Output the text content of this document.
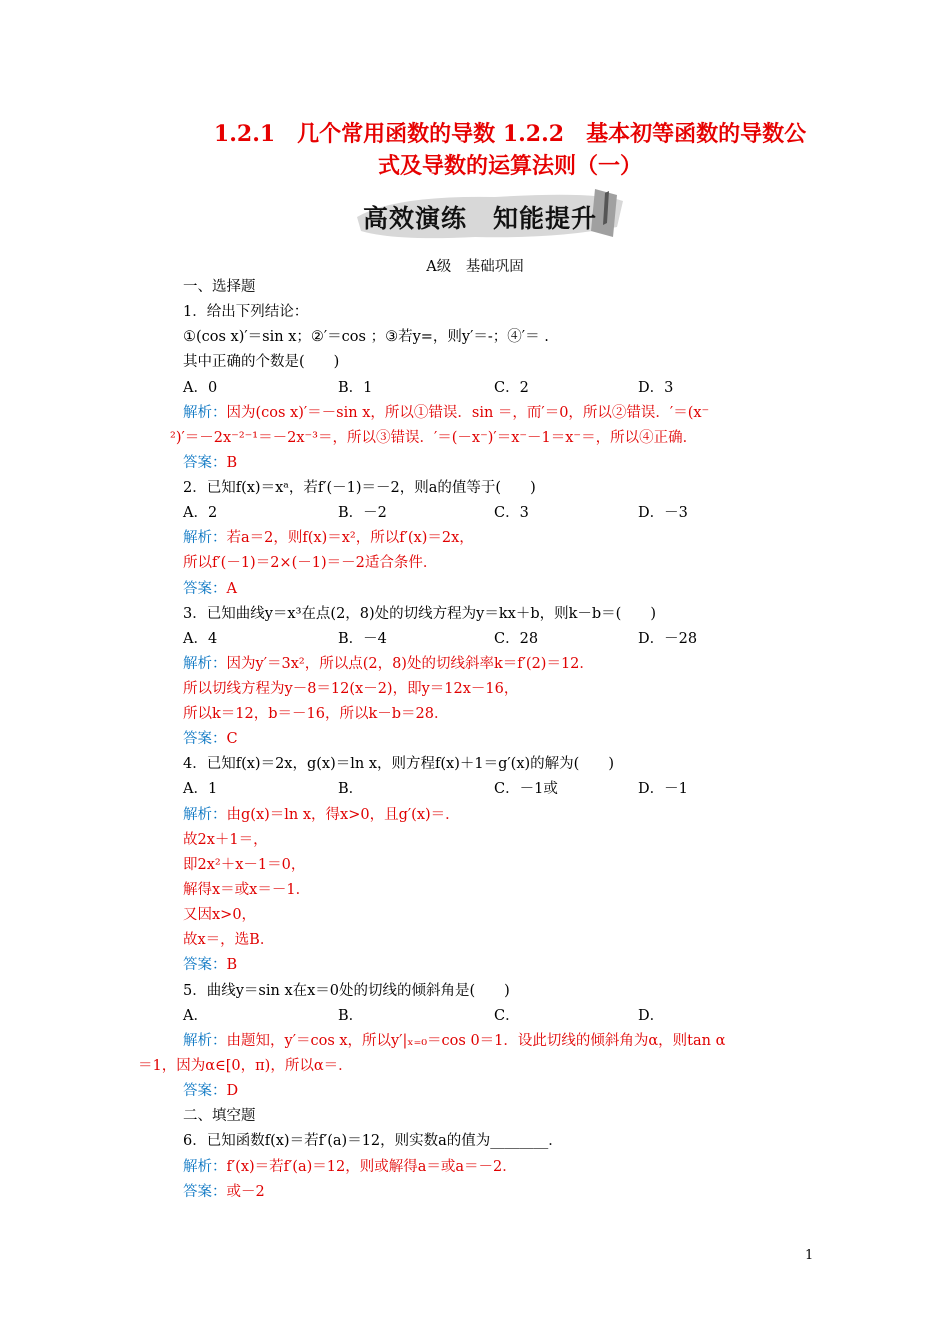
1.2.1　几个常用函数的导数 1.2.2　基本初等函数的导数公
式及导数的运算法则（一）
高效演练　知能提升
A级　基础巩固
一、选择题
1．给出下列结论：
①(cos x)′＝sin x；②′＝cos ；③若y=，则y′＝-；④′＝ .
其中正确的个数是(　　)
A．0	B．1	C．2	D．3
解析：因为(cos x)′＝－sin x，所以①错误．sin ＝，而′＝0，所以②错误．′＝(x⁻
²)′＝－2x⁻²⁻¹＝－2x⁻³＝，所以③错误．′＝(－x⁻)′＝x⁻－1＝x⁻＝，所以④正确．
答案：B
2．已知f(x)＝xᵃ，若f′(－1)＝－2，则a的值等于(　　)
A．2	B．－2	C．3	D．－3
解析：若a＝2，则f(x)＝x²，所以f′(x)＝2x，
所以f′(－1)＝2×(－1)＝－2适合条件．
答案：A
3．已知曲线y＝x³在点(2，8)处的切线方程为y＝kx＋b，则k－b＝(　　)
A．4	B．－4	C．28	D．－28
解析：因为y′＝3x²，所以点(2，8)处的切线斜率k＝f′(2)＝12．
所以切线方程为y－8＝12(x－2)，即y＝12x－16，
所以k＝12，b＝－16，所以k－b＝28．
答案：C
4．已知f(x)＝2x，g(x)＝ln x，则方程f(x)＋1＝g′(x)的解为(　　)
A．1	B．	C．－1或	D．－1
解析：由g(x)＝ln x，得x>0，且g′(x)＝．
故2x＋1＝，
即2x²＋x－1＝0，
解得x＝或x＝－1．
又因x>0，
故x＝，选B．
答案：B
5．曲线y＝sin x在x＝0处的切线的倾斜角是(　　)
A．	B．	C．	D．
解析：由题知，y′＝cos x，所以y′|ₓ₌₀＝cos 0＝1．设此切线的倾斜角为α，则tan α
＝1，因为α∈[0，π)，所以α＝．
答案：D
二、填空题
6．已知函数f(x)＝若f′(a)＝12，则实数a的值为________．
解析：f′(x)＝若f′(a)＝12，则或解得a＝或a＝－2．
答案：或－2
1
